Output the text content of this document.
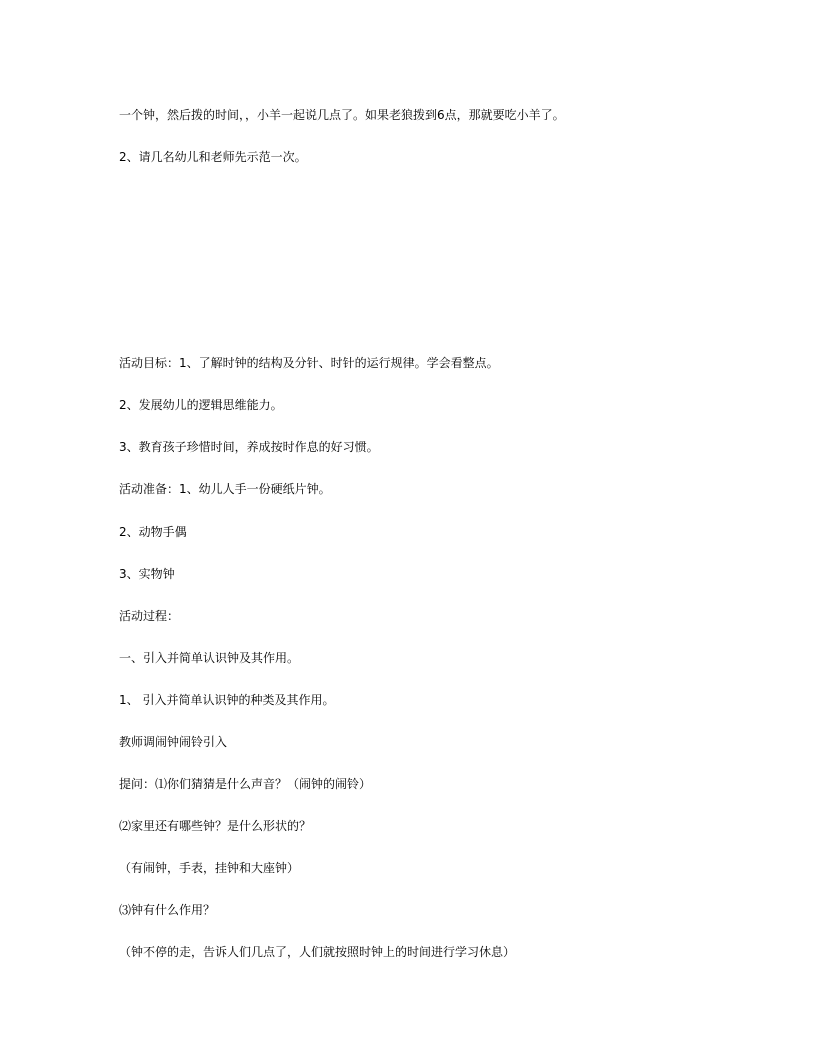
一个钟，然后拨的时间，，小羊一起说几点了。如果老狼拨到6点，那就要吃小羊了。

2、请几名幼儿和老师先示范一次。

活动目标：1、了解时钟的结构及分针、时针的运行规律。学会看整点。

2、发展幼儿的逻辑思维能力。

3、教育孩子珍惜时间，养成按时作息的好习惯。

活动准备：1、幼儿人手一份硬纸片钟。

2、动物手偶

3、实物钟

活动过程：

一、引入并简单认识钟及其作用。

1、 引入并简单认识钟的种类及其作用。

教师调闹钟闹铃引入

提问：⑴你们猜猜是什么声音？（闹钟的闹铃）

⑵家里还有哪些钟？是什么形状的？

（有闹钟，手表，挂钟和大座钟）

⑶钟有什么作用？

（钟不停的走，告诉人们几点了，人们就按照时钟上的时间进行学习休息）
